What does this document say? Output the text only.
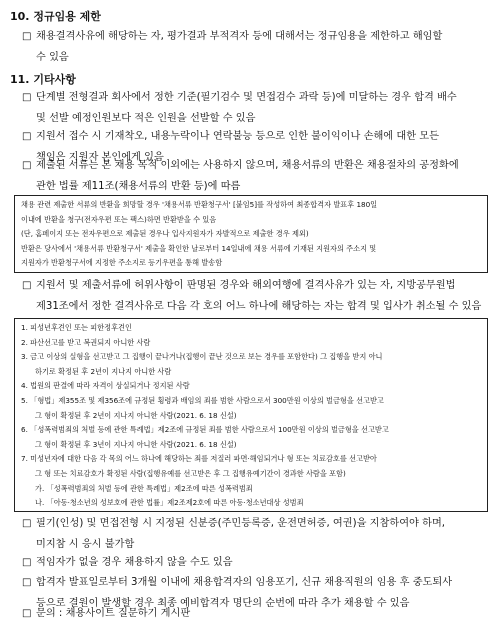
10. 정규임용 제한
□ 채용결격사유에 해당하는 자, 평가결과 부적격자 등에 대해서는 정규임용을 제한하고 해임할
수 있음
11. 기타사항
□ 단계별 전형결과 회사에서 정한 기준(필기검수 및 면접검수 과락 등)에 미달하는 경우 합격 배수
및 선발 예정인원보다 적은 인원을 선발할 수 있음
□ 지원서 접수 시 기재착오, 내용누락이나 연락불능 등으로 인한 불이익이나 손해에 대한 모든
책임은 지원자 본인에게 있음
□ 제출된 서류는 본 채용 목적 이외에는 사용하지 않으며, 채용서류의 반환은 채용절차의 공정화에
관한 법률 제11조(채용서류의 반환 등)에 따름
채용 관련 제출한 서류의 반환을 희망할 경우 '채용서류 반환청구서' [붙임5]를 작성하여 최종합격자 발표후 180일
이내에 반환을 청구(전자우편 또는 팩스)하면 반환받을 수 있음
(단, 홈페이지 또는 전자우편으로 제출된 경우나 입사지원자가 자발적으로 제출한 경우 제외)
반환은 당사에서 '채용서류 반환청구서' 제출을 확인한 날로부터 14일내에 채용 서류에 기재된 지원자의 주소지 및
지원자가 반환청구서에 지정한 주소지로 등기우편을 통해 발송함
□ 지원서 및 제출서류에 허위사항이 판명된 경우와 해외여행에 결격사유가 있는 자, 지방공무원법
제31조에서 정한 결격사유로 다음 각 호의 어느 하나에 해당하는 자는 합격 및 입사가 취소될 수 있음
1. 피성년후견인 또는 피한정후견인
2. 파산선고를 받고 복권되지 아니한 사람
3. 금고 이상의 실형을 선고받고 그 집행이 끝나거나(집행이 끝난 것으로 보는 경우를 포함한다) 그 집행을 받지 아니
하기로 확정된 후 2년이 지나지 아니한 사람
4. 법원의 판결에 따라 자격이 상실되거나 정지된 사람
5. 「형법」제355조 및 제356조에 규정된 횡령과 배임의 죄를 범한 사람으로서 300만원 이상의 벌금형을 선고받고
그 형이 확정된 후 2년이 지나지 아니한 사람(2021. 6. 18 신설)
6. 「성폭력범죄의 처벌 등에 관한 특례법」제2조에 규정된 죄를 범한 사람으로서 100만원 이상의 벌금형을 선고받고
그 형이 확정된 후 3년이 지나지 아니한 사람(2021. 6. 18 신설)
7. 미성년자에 대한 다음 각 목의 어느 하나에 해당하는 죄를 저질러 파면·해임되거나 형 또는 치료감호를 선고받아
그 형 또는 치료감호가 확정된 사람(집행유예를 선고받은 후 그 집행유예기간이 경과한 사람을 포함)
가. 「성폭력범죄의 처벌 등에 관한 특례법」제2조에 따른 성폭력범죄
나. 「아동·청소년의 성보호에 관한 법률」제2조제2호에 따른 아동·청소년대상 성범죄
□ 필기(인성) 및 면접전형 시 지정된 신분증(주민등록증, 운전면허증, 여권)을 지참하여야 하며,
미지참 시 응시 불가함
□ 적임자가 없을 경우 채용하지 않을 수도 있음
□ 합격자 발표일로부터 3개월 이내에 채용합격자의 임용포기, 신규 채용직원의 임용 후 중도퇴사
등으로 결원이 발생할 경우 최종 예비합격자 명단의 순번에 따라 추가 채용할 수 있음
□ 문의 : 채용사이트 질문하기 게시판
